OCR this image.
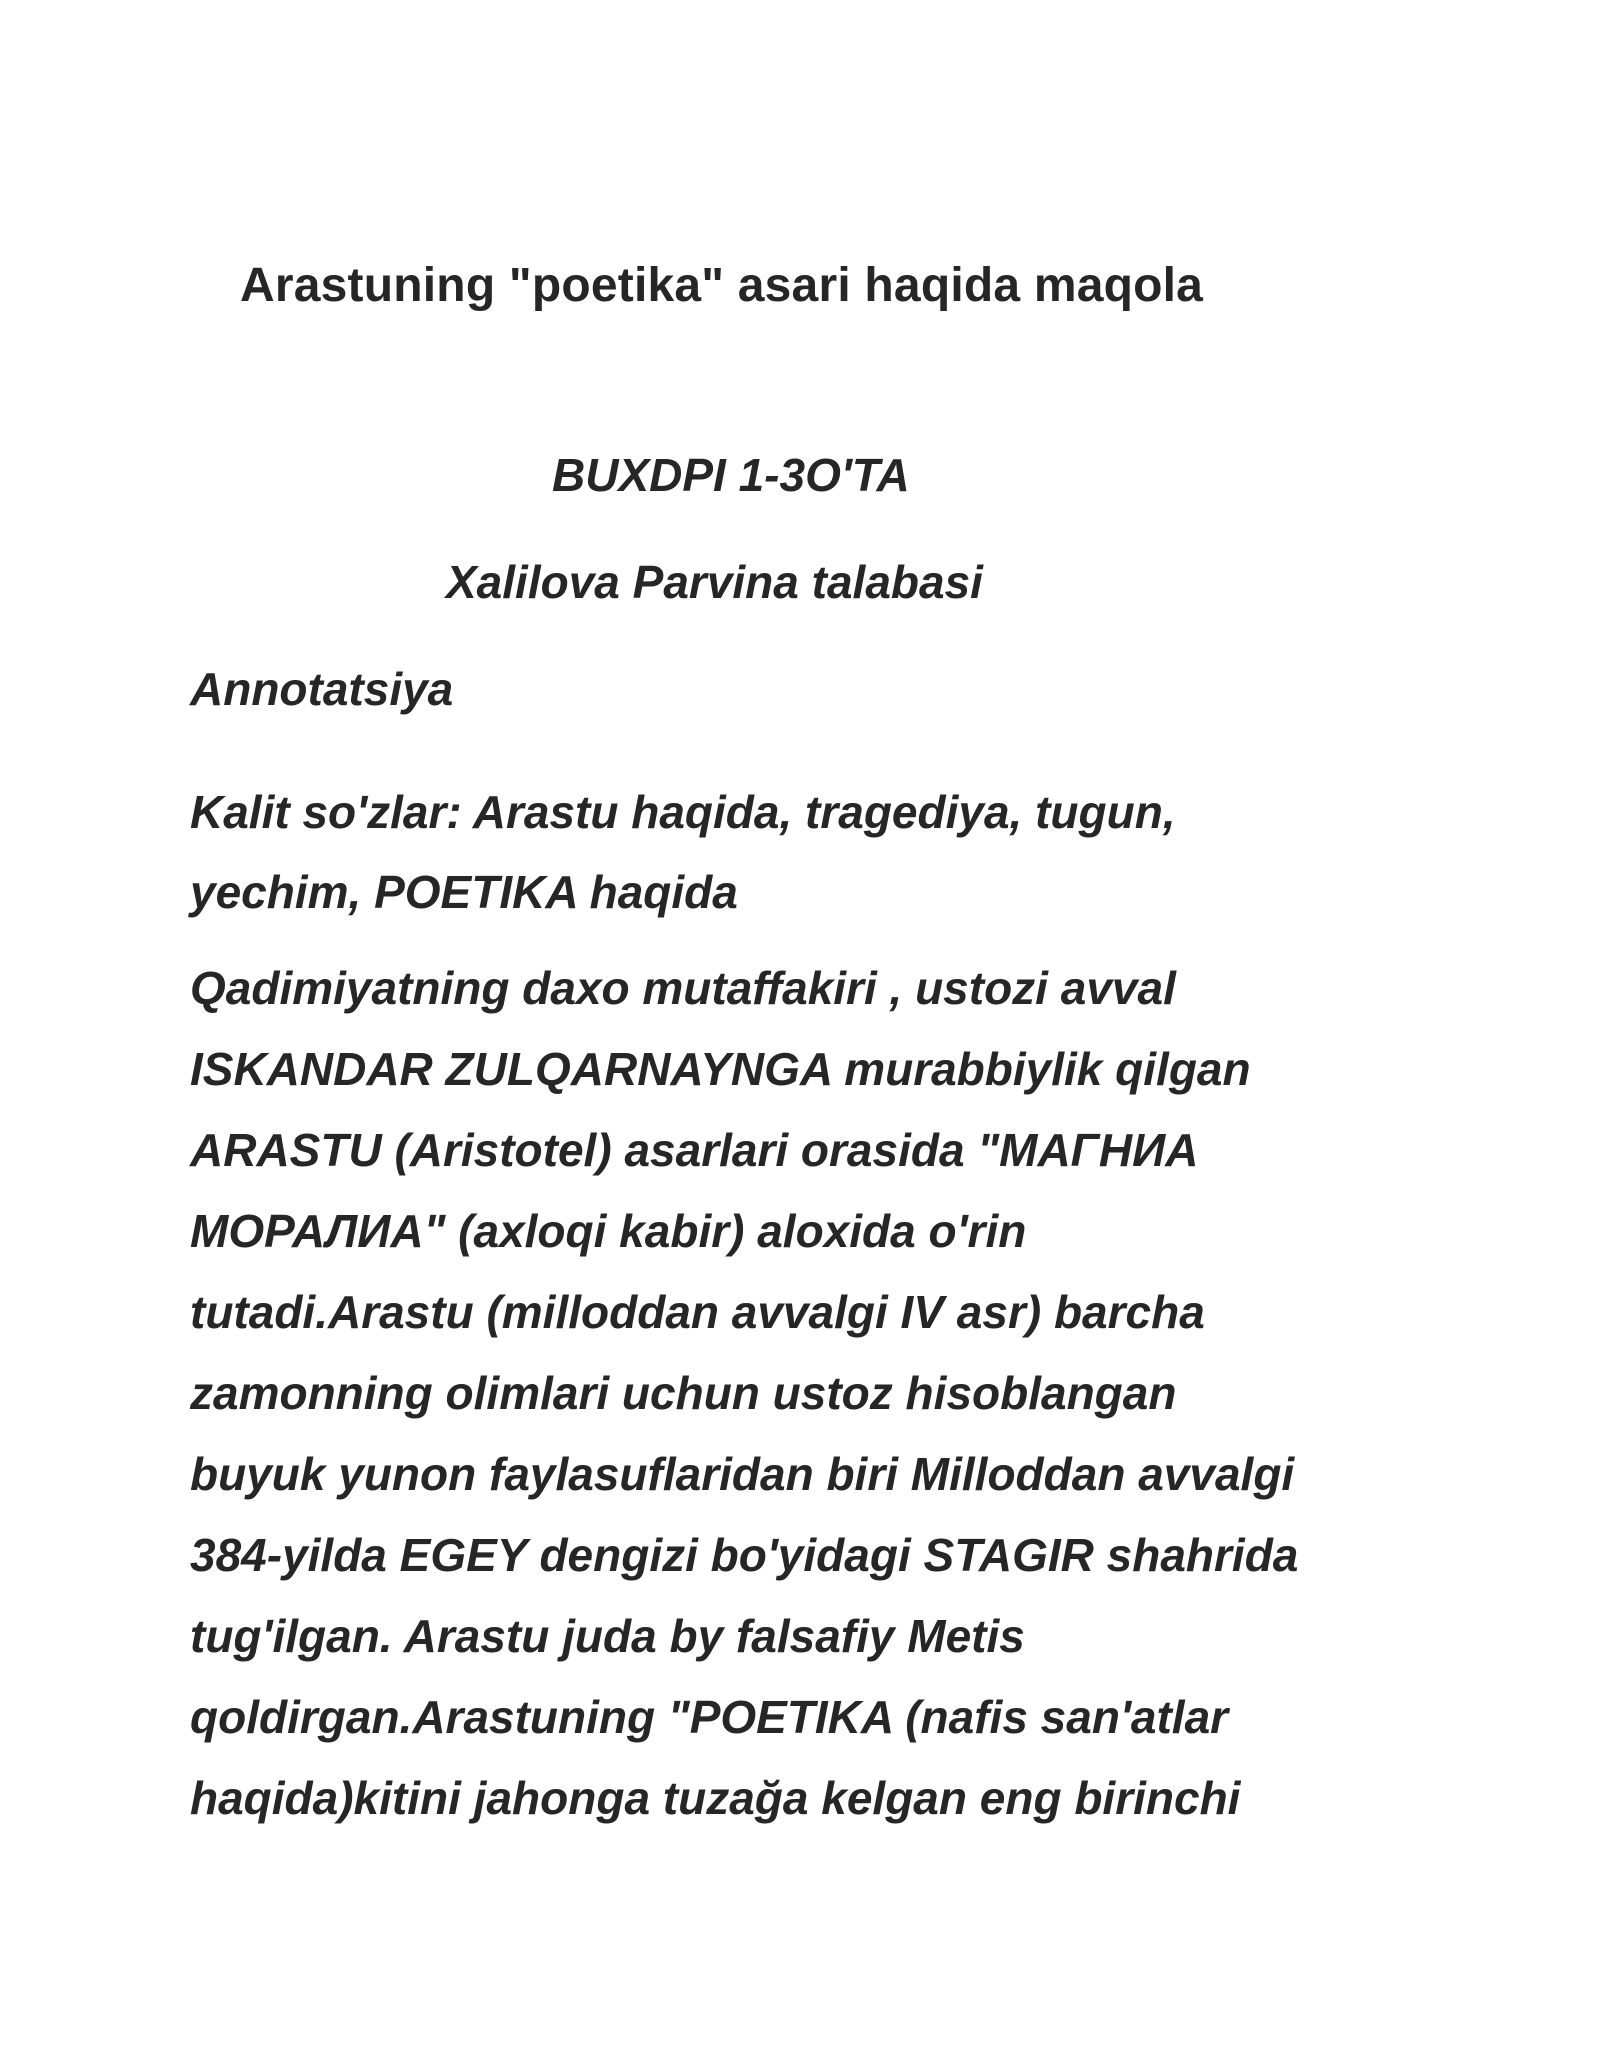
Arastuning "poetika" asari haqida maqola
BUXDPI 1-3O'TA
Xalilova Parvina talabasi
Annotatsiya
Kalit so'zlar: Arastu haqida, tragediya, tugun,
yechim, POETIKA haqida
Qadimiyatning daxo mutaffakiri , ustozi avval
ISKANDAR ZULQARNAYNGA murabbiylik qilgan
ARASTU (Aristotel) asarlari orasida "МАГНИА
МОРАЛИА" (axloqi kabir) aloxida o'rin
tutadi.Arastu (milloddan avvalgi IV asr) barcha
zamonning olimlari uchun ustoz hisoblangan
buyuk yunon faylasuflaridan biri Milloddan avvalgi
384-yilda EGEY dengizi bo'yidagi STAGIR shahrida
tug'ilgan. Arastu juda by falsafiy Metis
qoldirgan.Arastuning "POETIKA (nafis san'atlar
haqida)kitini jahonga tuzağa kelgan eng birinchi
